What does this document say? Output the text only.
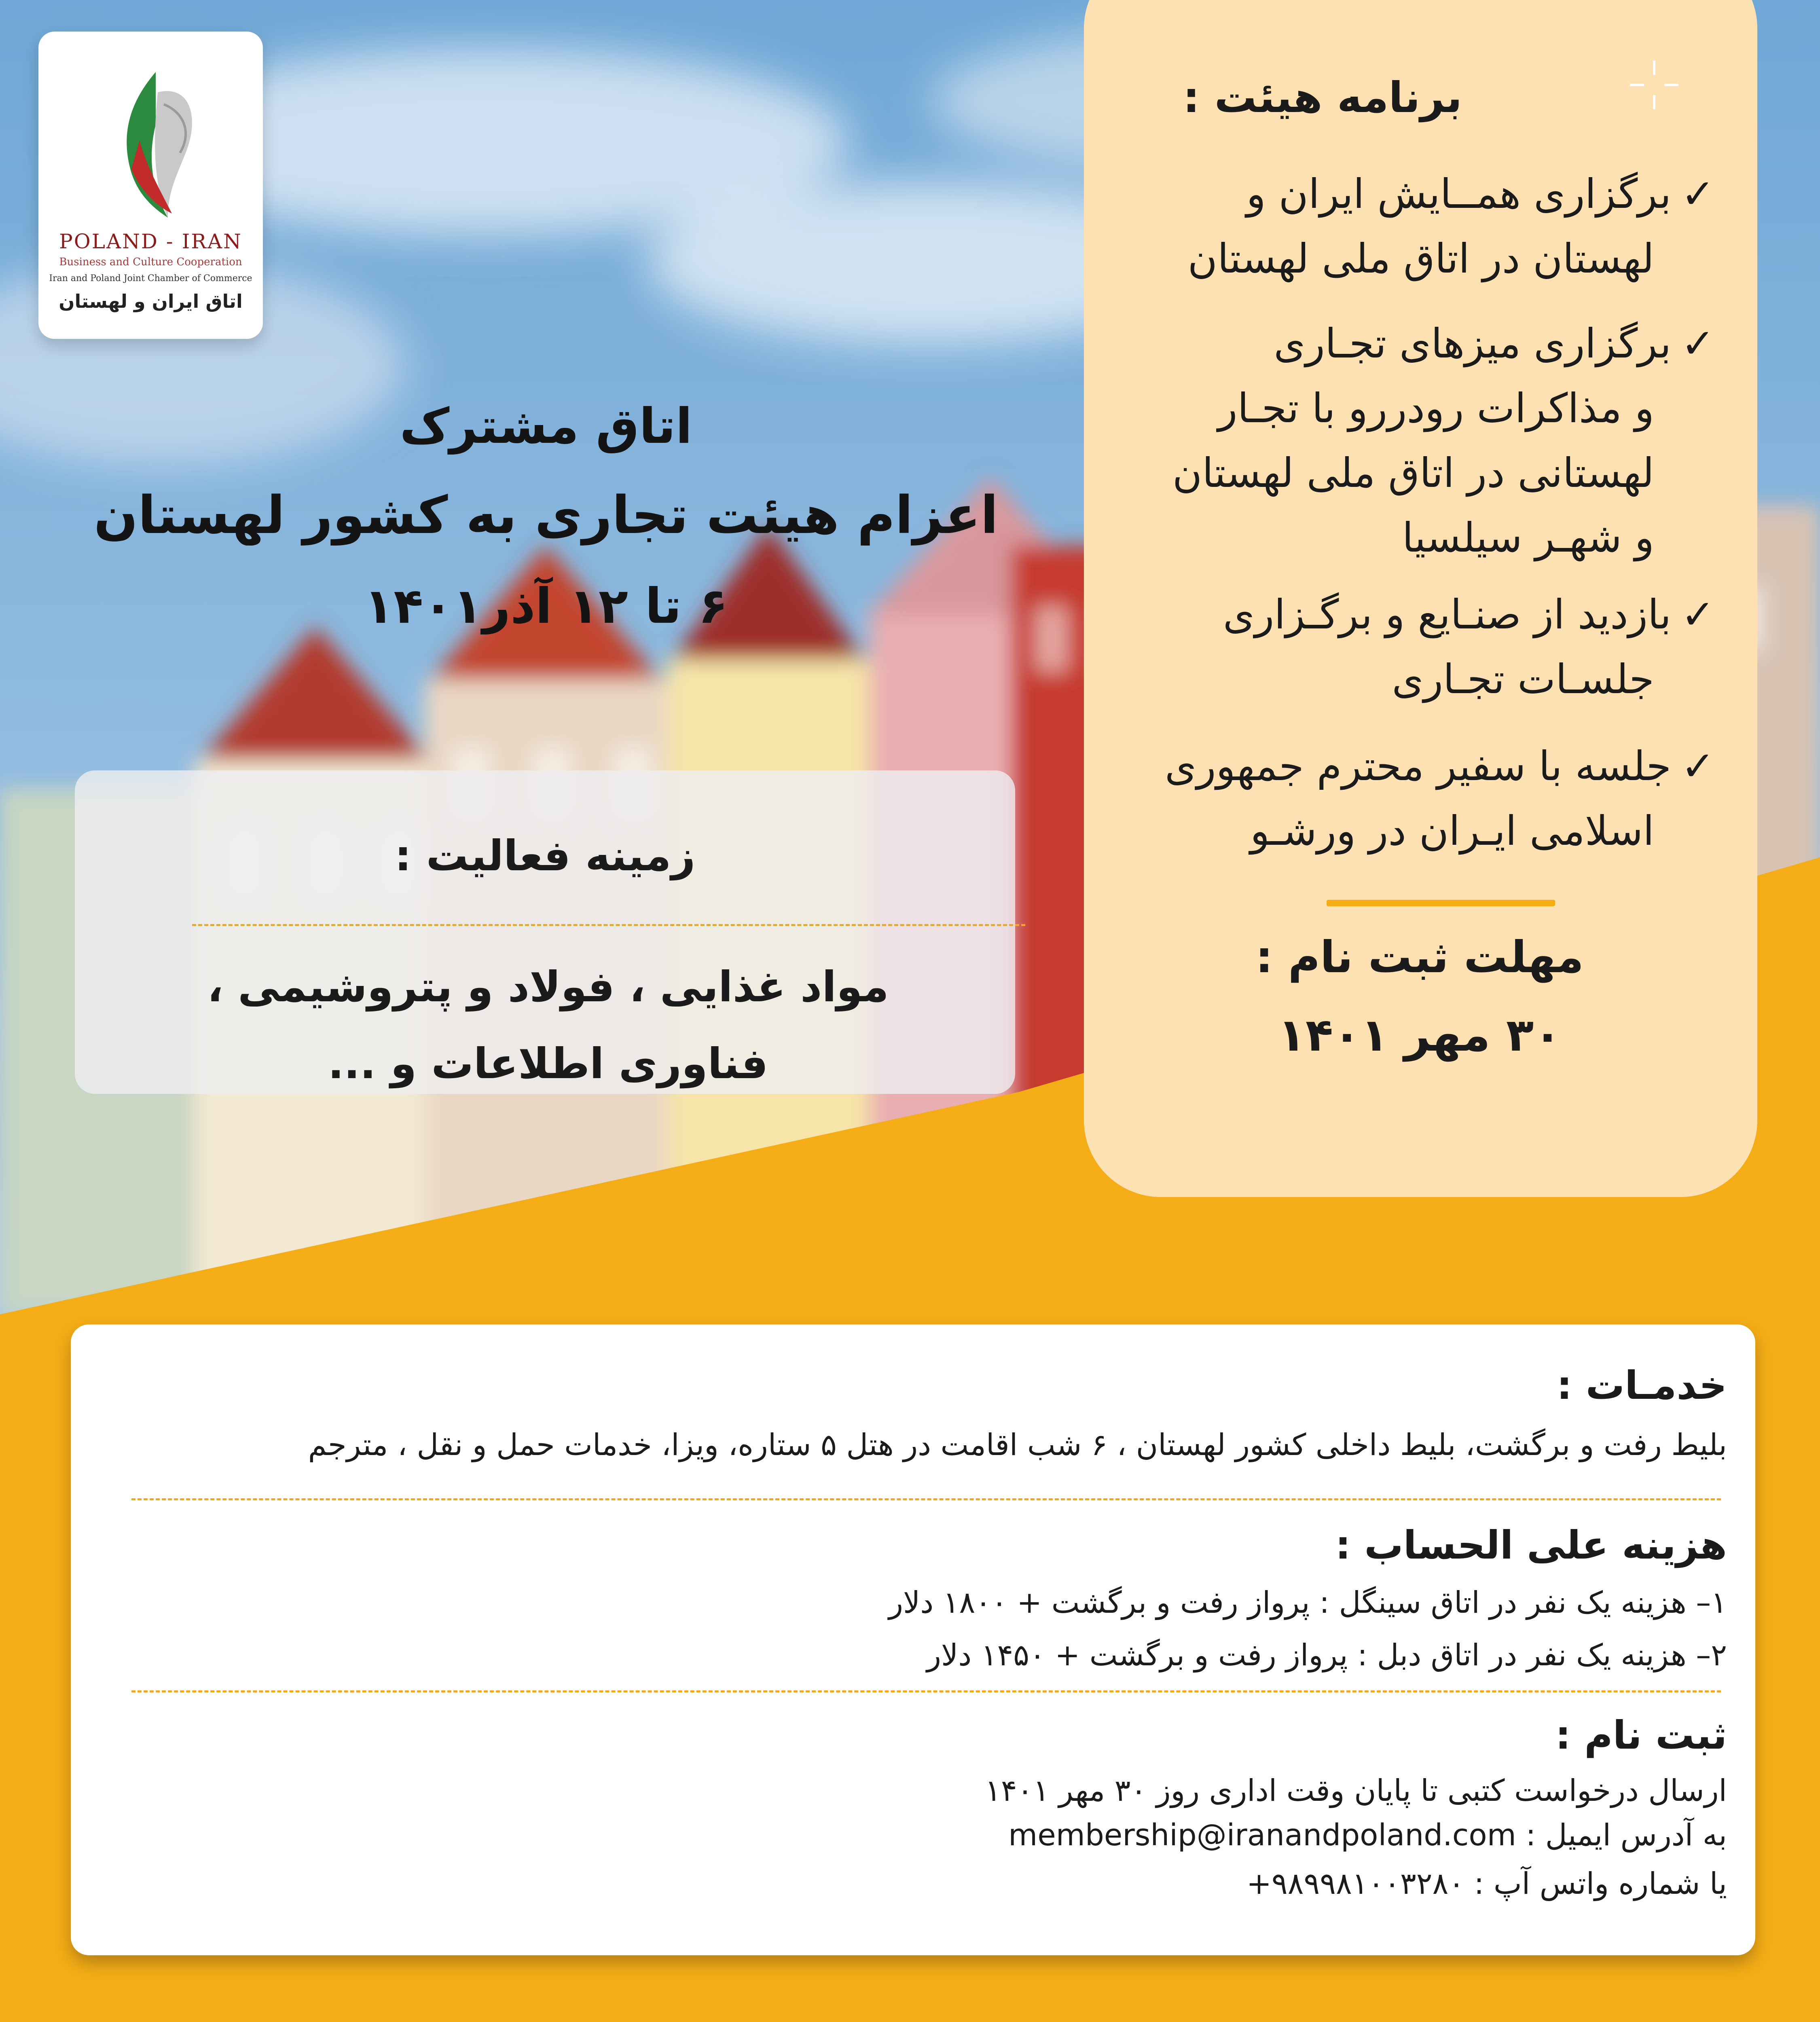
POLAND - IRAN
Business and Culture Cooperation
Iran and Poland Joint Chamber of Commerce
اتاق ایران و لهستان
اتاق مشترک
اعزام هیئت تجاری به کشور لهستان
۶ تا ۱۲ آذر۱۴۰۱
زمینه فعالیت :
مواد غذایی ، فولاد و پتروشیمی ،
فناوری اطلاعات و ...
برنامه هیئت :
✓برگزاری همــایش ایران و
لهستان در اتاق ملی لهستان
✓برگزاری میزهای تجـاری
و مذاکرات رودررو با تجـار
لهستانی در اتاق ملی لهستان
و شهـر سیلسیا
✓بازدید از صنـایع و برگـزاری
جلسـات تجـاری
✓جلسه با سفیر محترم جمهوری
اسلامی ایـران در ورشـو
مهلت ثبت نام :
۳۰ مهر ۱۴۰۱
خدمـات :
بلیط رفت و برگشت، بلیط داخلی کشور لهستان ، ۶ شب اقامت در هتل ۵ ستاره، ویزا، خدمات حمل و نقل ، مترجم
هزینه علی الحساب :
۱– هزینه یک نفر در اتاق سینگل : پرواز رفت و برگشت + ۱۸۰۰ دلار
۲– هزینه یک نفر در اتاق دبل : پرواز رفت و برگشت + ۱۴۵۰ دلار
ثبت نام :
ارسال درخواست کتبی تا پایان وقت اداری روز ۳۰ مهر ۱۴۰۱
به آدرس ایمیل : membership@iranandpoland.com
یا شماره واتس آپ : +۹۸۹۹۸۱۰۰۳۲۸۰
